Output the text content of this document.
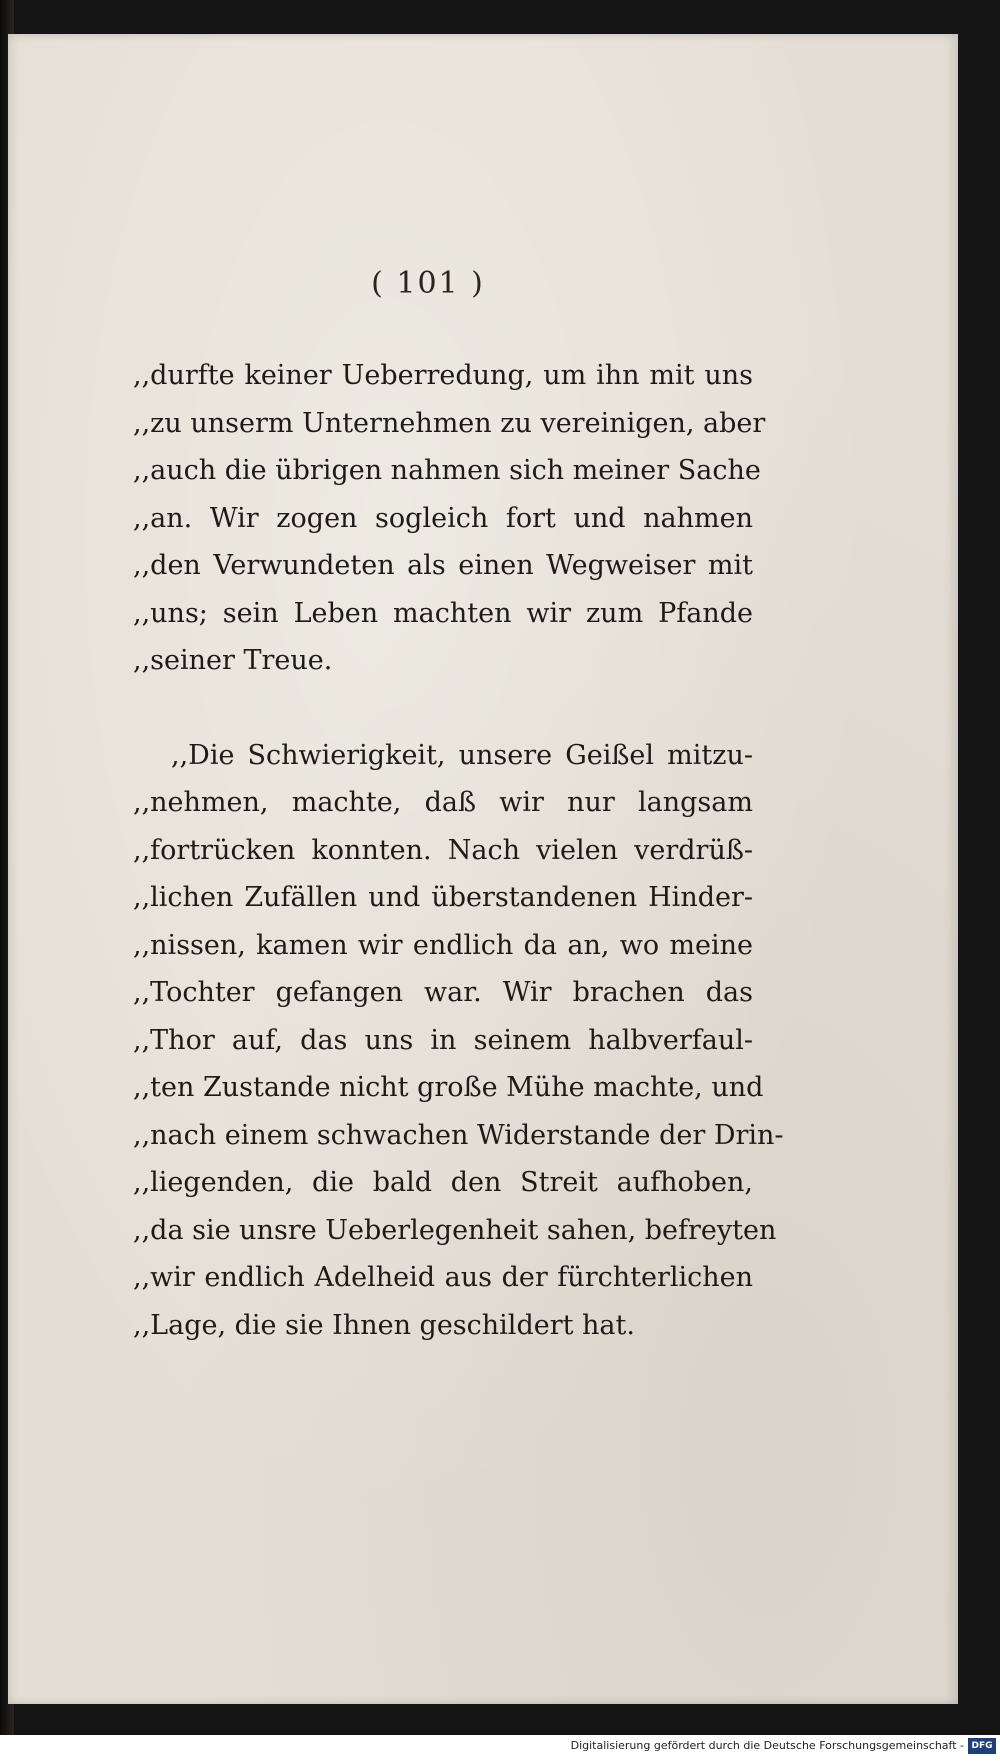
( 101 )
,,durfte keiner Ueberredung, um ihn mit uns
,,zu unserm Unternehmen zu vereinigen, aber
,,auch die übrigen nahmen sich meiner Sache
,,an. Wir zogen sogleich fort und nahmen
,,den Verwundeten als einen Wegweiser mit
,,uns; sein Leben machten wir zum Pfande
,,seiner Treue.
,,Die Schwierigkeit, unsere Geißel mitzu-
,,nehmen, machte, daß wir nur langsam
,,fortrücken konnten. Nach vielen verdrüß-
,,lichen Zufällen und überstandenen Hinder-
,,nissen, kamen wir endlich da an, wo meine
,,Tochter gefangen war. Wir brachen das
,,Thor auf, das uns in seinem halbverfaul-
,,ten Zustande nicht große Mühe machte, und
,,nach einem schwachen Widerstande der Drin-
,,liegenden, die bald den Streit aufhoben,
,,da sie unsre Ueberlegenheit sahen, befreyten
,,wir endlich Adelheid aus der fürchterlichen
,,Lage, die sie Ihnen geschildert hat.
Digitalisierung gefördert durch die Deutsche Forschungsgemeinschaft - DFG
